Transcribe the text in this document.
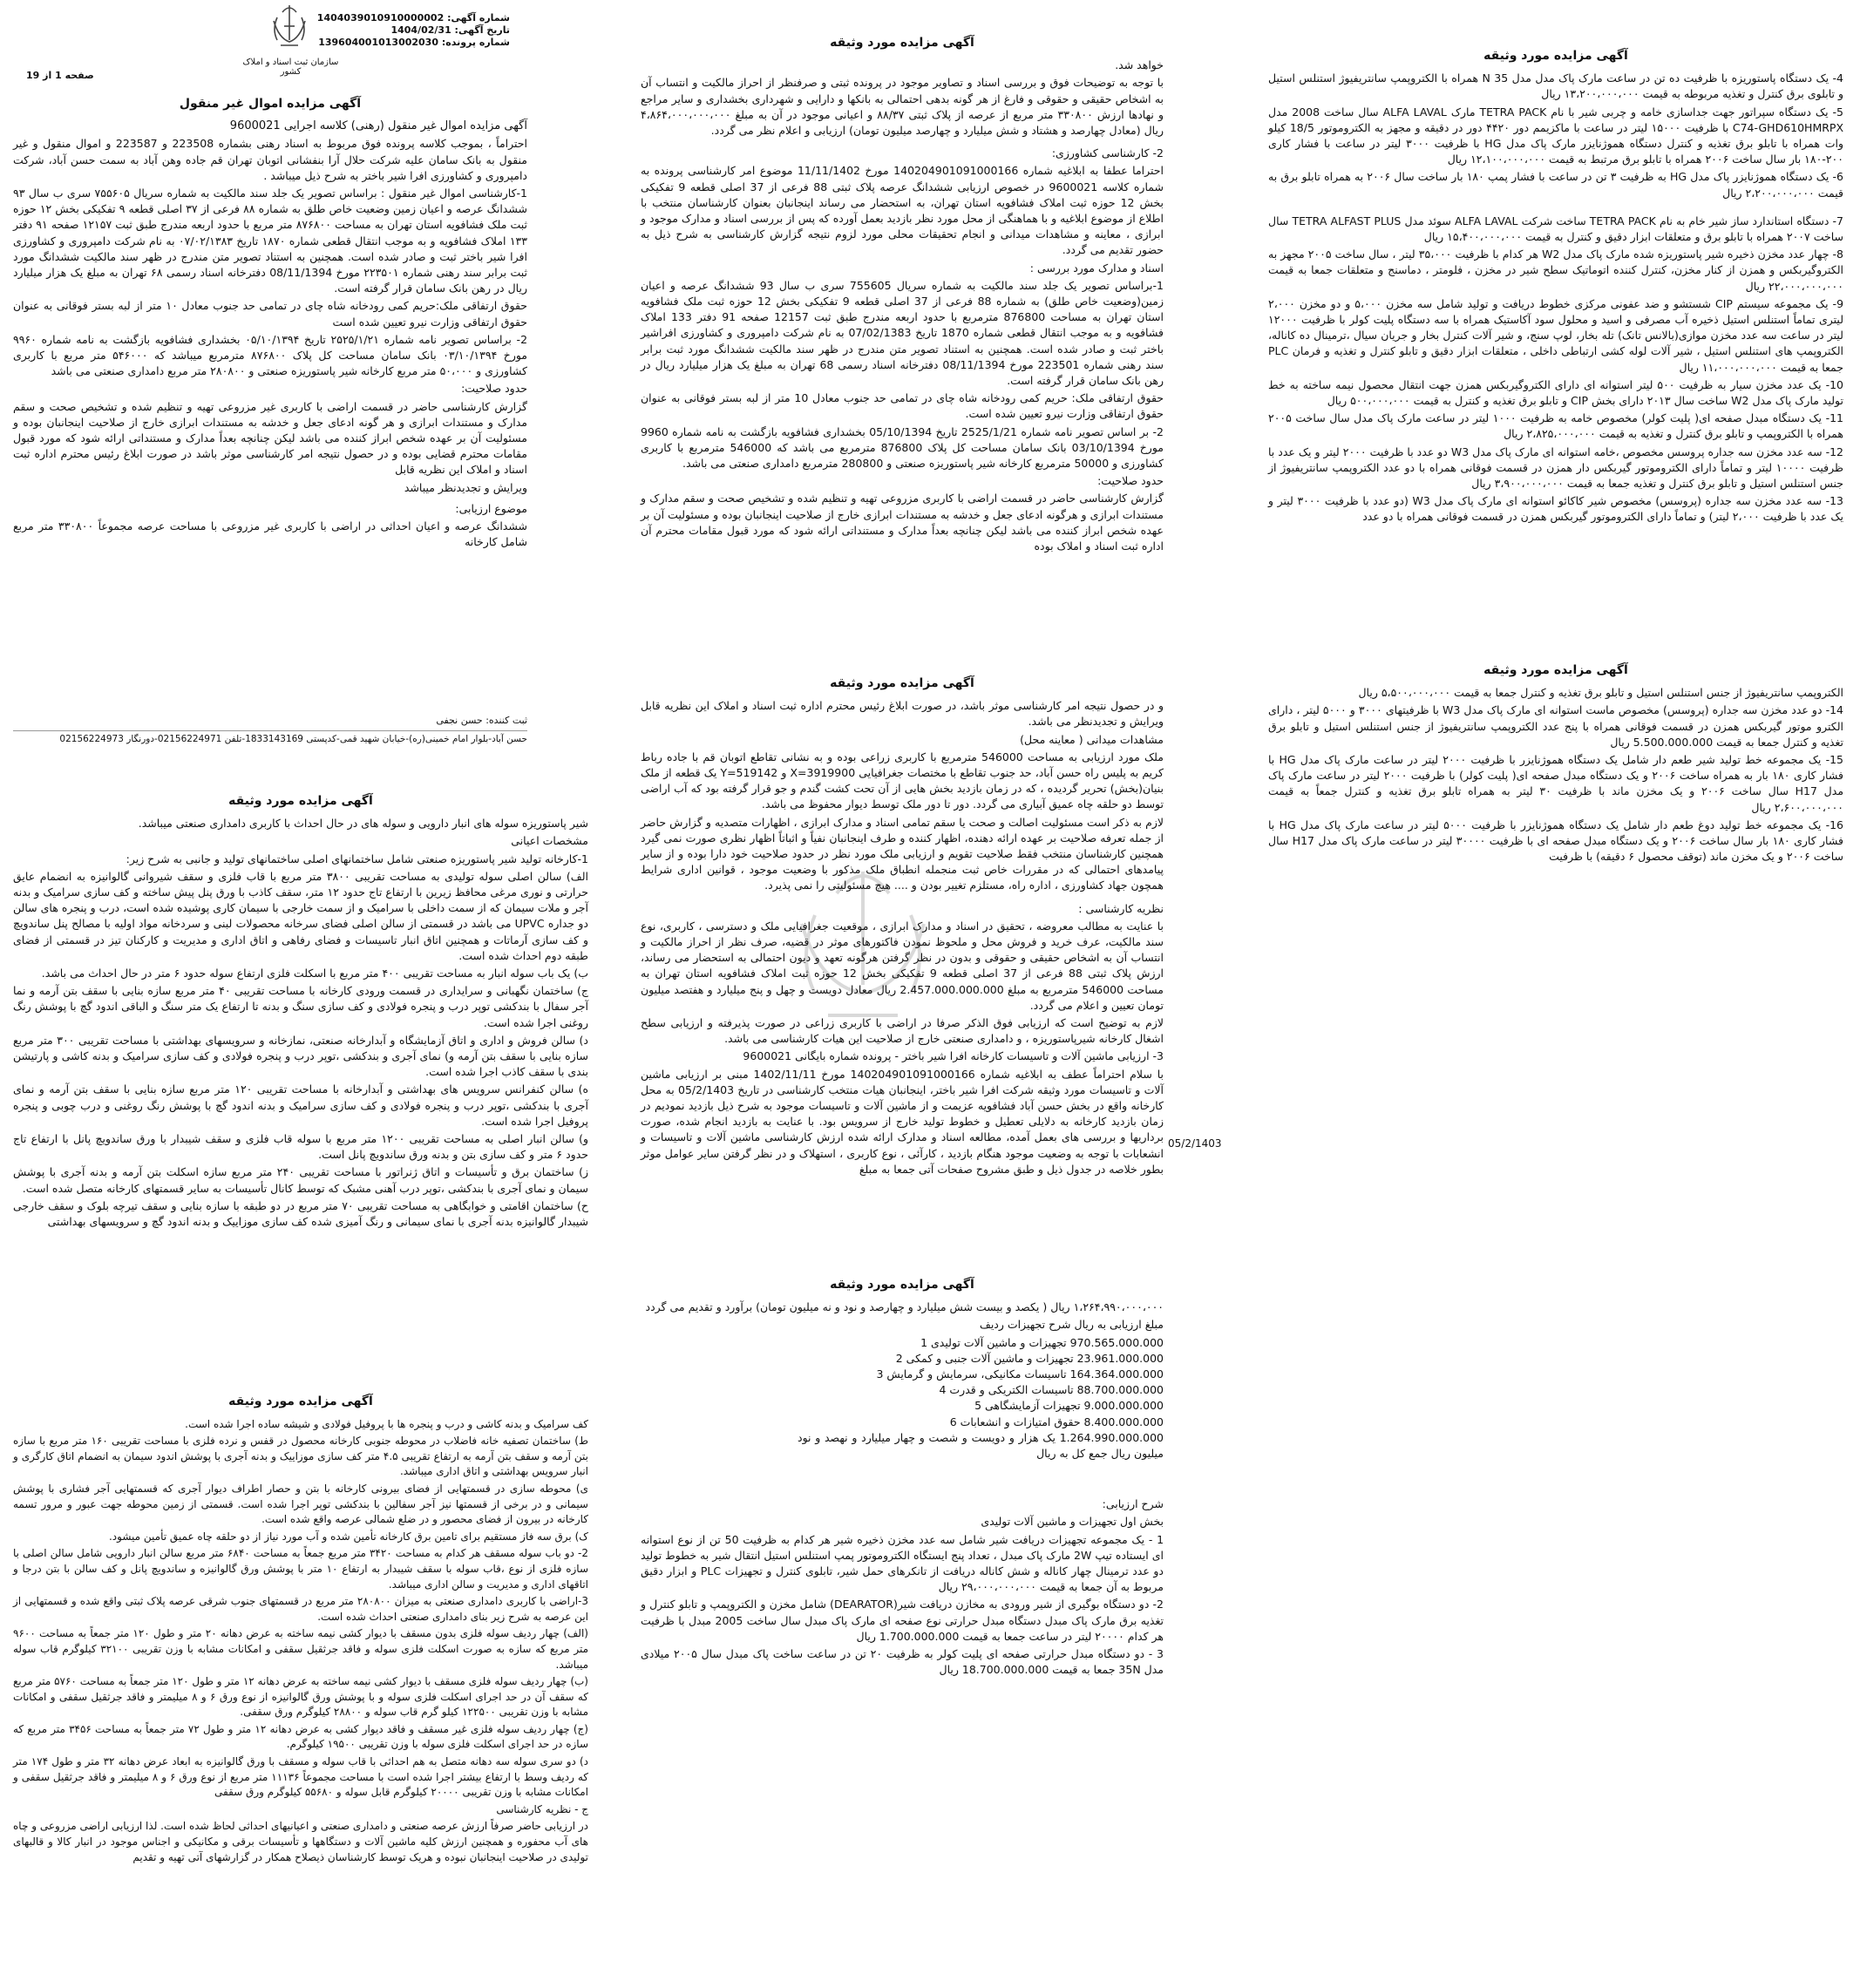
شماره آگهی: 1404039010910000002
تاریخ آگهی: 1404/02/31
شماره پرونده: 139604001013002030
سازمان ثبت اسناد و املاک کشور
صفحه 1 از 19
آگهی مزایده اموال غیر منقول

آگهی مزایده اموال غیر منقول (رهنی) کلاسه اجرایی 9600021

احتراماً ، بموجب کلاسه پرونده فوق مربوط به اسناد رهنی بشماره 223508 و 223587 و اموال منقول و غیر منقول به بانک سامان علیه شرکت حلال آرا بنفشانی اتوبان تهران قم جاده وهن آباد به سمت حسن آباد، شرکت دامپروری و کشاورزی افرا شیر باختر به شرح ذیل میباشد .

1-کارشناسی اموال غیر منقول : براساس تصویر یک جلد سند مالکیت به شماره سریال ۷۵۵۶۰۵ سری ب سال ۹۳ ششدانگ عرصه و اعیان زمین وضعیت خاص طلق به شماره ۸۸ فرعی از ۳۷ اصلی قطعه ۹ تفکیکی بخش ۱۲ حوزه ثبت ملک فشافویه استان تهران به مساحت ۸۷۶۸۰۰ متر مربع با حدود اربعه مندرج طبق ثبت ۱۲۱۵۷ صفحه ۹۱ دفتر ۱۳۳ املاک فشافویه و به موجب انتقال قطعی شماره ۱۸۷۰ تاریخ ۰۷/۰۲/۱۳۸۳ به نام شرکت دامپروری و کشاورزی افرا شیر باختر ثبت و صادر شده است. همچنین به استناد تصویر متن مندرج در ظهر سند مالکیت ششدانگ مورد ثبت برابر سند رهنی شماره ۲۲۳۵۰۱ مورخ 08/11/1394 دفترخانه اسناد رسمی ۶۸ تهران به مبلغ یک هزار میلیارد ریال در رهن بانک سامان قرار گرفته است.

حقوق ارتفاقی ملک:حریم کمی رودخانه شاه چای در تمامی حد جنوب معادل ۱۰ متر از لبه بستر فوقانی به عنوان حقوق ارتفاقی وزارت نیرو تعیین شده است

2- براساس تصویر نامه شماره ۲۵۲۵/۱/۲۱ تاریخ ۰۵/۱۰/۱۳۹۴ بخشداری فشافویه بازگشت به نامه شماره ۹۹۶۰ مورخ ۰۳/۱۰/۱۳۹۴ بانک سامان مساحت کل پلاک ۸۷۶۸۰۰ مترمربع میباشد که ۵۴۶۰۰۰ متر مربع با کاربری کشاورزی و ۵۰،۰۰۰ متر مربع کارخانه شیر پاستوریزه صنعتی و ۲۸۰۸۰۰ متر مربع دامداری صنعتی می باشد

حدود صلاحیت:

گزارش کارشناسی حاضر در قسمت اراضی با کاربری غیر مزروعی تهیه و تنظیم شده و تشخیص صحت و سقم مدارک و مستندات ابرازی و هر گونه ادعای جعل و خدشه به مستندات ابرازی خارج از صلاحیت اینجانبان بوده و مسئولیت آن بر عهده شخص ابراز کننده می باشد لیکن چنانچه بعداً مدارک و مستنداتی ارائه شود که مورد قبول مقامات محترم قضایی بوده و در حصول نتیجه امر کارشناسی موثر باشد در صورت ابلاغ رئیس محترم اداره ثبت اسناد و املاک این نظریه قابل

ویرایش و تجدیدنظر میباشد

موضوع ارزیابی:

ششدانگ عرصه و اعیان احداثی در اراضی با کاربری غیر مزروعی با مساحت عرصه مجموعاً ۳۳۰۸۰۰ متر مربع شامل کارخانه

ثبت کننده: حسن نجفی
حسن آباد-بلوار امام خمینی(ره)-خیابان شهید قمی-کدپستی 1833143169-تلفن 02156224971-دورنگار 02156224973
آگهی مزایده مورد وثیقه

خواهد شد.

با توجه به توضیحات فوق و بررسی اسناد و تصاویر موجود در پرونده ثبتی و صرفنظر از احراز مالکیت و انتساب آن به اشخاص حقیقی و حقوقی و فارغ از هر گونه بدهی احتمالی به بانکها و دارایی و شهرداری بخشداری و سایر مراجع و نهادها ارزش ۳۳۰۸۰۰ متر مربع از عرصه از پلاک ثبتی ۸۸/۳۷ و اعیانی موجود در آن به مبلغ ۴،۸۶۴،۰۰۰،۰۰۰،۰۰۰ ریال (معادل چهارصد و هشتاد و شش میلیارد و چهارصد میلیون تومان) ارزیابی و اعلام نظر می گردد.

2- کارشناسی کشاورزی:

احتراما عطفا به ابلاغیه شماره 140204901091000166 مورخ 11/11/1402 موضوع امر کارشناسی پرونده به شماره کلاسه 9600021 در خصوص ارزیابی ششدانگ عرصه پلاک ثبتی 88 فرعی از 37 اصلی قطعه 9 تفکیکی بخش 12 حوزه ثبت املاک فشافویه استان تهران، به استحضار می رساند اینجانبان بعنوان کارشناسان منتخب با اطلاع از موضوع ابلاغیه و با هماهنگی از محل مورد نظر بازدید بعمل آورده که پس از بررسی اسناد و مدارک موجود و ابرازی ، معاینه و مشاهدات میدانی و انجام تحقیقات محلی مورد لزوم نتیجه گزارش کارشناسی به شرح ذیل به حضور تقدیم می گردد.

اسناد و مدارک مورد بررسی :

1-براساس تصویر یک جلد سند مالکیت به شماره سریال 755605 سری ب سال 93 ششدانگ عرصه و اعیان زمین(وضعیت خاص طلق) به شماره 88 فرعی از 37 اصلی قطعه 9 تفکیکی بخش 12 حوزه ثبت ملک فشافویه استان تهران به مساحت 876800 مترمربع با حدود اربعه مندرج طبق ثبت 12157 صفحه 91 دفتر 133 املاک فشافویه و به موجب انتقال قطعی شماره 1870 تاریخ 07/02/1383 به نام شرکت دامپروری و کشاورزی افراشیر باختر ثبت و صادر شده است. همچنین به استناد تصویر متن مندرج در ظهر سند مالکیت ششدانگ مورد ثبت برابر سند رهنی شماره 223501 مورخ 08/11/1394 دفترخانه اسناد رسمی 68 تهران به مبلغ یک هزار میلیارد ریال در رهن بانک سامان قرار گرفته است.

حقوق ارتفاقی ملک: حریم کمی رودخانه شاه چای در تمامی حد جنوب معادل 10 متر از لبه بستر فوقانی به عنوان حقوق ارتفاقی وزارت نیرو تعیین شده است.

2- بر اساس تصویر نامه شماره 2525/1/21 تاریخ 05/10/1394 بخشداری فشافویه بازگشت به نامه شماره 9960 مورخ 03/10/1394 بانک سامان مساحت کل پلاک 876800 مترمربع می باشد که 546000 مترمربع با کاربری کشاورزی و 50000 مترمربع کارخانه شیر پاستوریزه صنعتی و 280800 مترمربع دامداری صنعتی می باشد.

حدود صلاحیت:

گزارش کارشناسی حاضر در قسمت اراضی با کاربری مزروعی تهیه و تنظیم شده و تشخیص صحت و سقم مدارک و مستندات ابرازی و هرگونه ادعای جعل و خدشه به مستندات ابرازی خارج از صلاحیت اینجانبان بوده و مسئولیت آن بر عهده شخص ابراز کننده می باشد لیکن چنانچه بعداً مدارک و مستنداتی ارائه شود که مورد قبول مقامات محترم آن اداره ثبت اسناد و املاک بوده

آگهی مزایده مورد وثیقه

4- یک دستگاه پاستوریزه با ظرفیت ده تن در ساعت مارک پاک مدل مدل 35 N همراه با الکتروپمپ سانتریفیوژ استنلس استیل و تابلوی برق کنترل و تغذیه مربوطه به قیمت ۱۳،۲۰۰،۰۰۰،۰۰۰ ریال

5- یک دستگاه سپراتور جهت جداسازی خامه و چربی شیر با نام TETRA PACK مارک ALFA LAVAL سال ساخت 2008 مدل C74-GHD610HMRPX با ظرفیت ۱۵۰۰۰ لیتر در ساعت با ماکزیمم دور ۴۴۲۰ دور در دقیقه و مجهز به الکتروموتور 18/5 کیلو وات همراه با تابلو برق تغذیه و کنترل دستگاه هموژنایزر مارک پاک مدل HG با ظرفیت ۳۰۰۰ لیتر در ساعت با فشار کاری ۲۰۰-۱۸۰ بار سال ساخت ۲۰۰۶ همراه با تابلو برق مرتبط به قیمت ۱۲،۱۰۰،۰۰۰،۰۰۰ ریال

6- یک دستگاه هموژنایزر پاک مدل HG به ظرفیت ۳ تن در ساعت با فشار پمپ ۱۸۰ بار ساخت سال ۲۰۰۶ به همراه تابلو برق به قیمت ۲،۲۰۰،۰۰۰،۰۰۰ ریال

7- دستگاه استاندارد ساز شیر خام به نام TETRA PACK ساخت شرکت ALFA LAVAL سوئد مدل TETRA ALFAST PLUS سال ساخت ۲۰۰۷ همراه با تابلو برق و متعلقات ابزار دقیق و کنترل به قیمت ۱۵،۴۰۰،۰۰۰،۰۰۰ ریال

8- چهار عدد مخزن ذخیره شیر پاستوریزه شده مارک پاک مدل W2 هر کدام با ظرفیت ۳۵،۰۰۰ لیتر ، سال ساخت ۲۰۰۵ مجهز به الکتروگیربکس و همزن از کنار مخزن، کنترل کننده اتوماتیک سطح شیر در مخزن ، فلومتر ، دماسنج و متعلقات جمعا به قیمت ۲۲،۰۰۰،۰۰۰،۰۰۰ ریال

9- یک مجموعه سیستم CIP شستشو و ضد عفونی مرکزی خطوط دریافت و تولید شامل سه مخزن ۵،۰۰۰ و دو مخزن ۲،۰۰۰ لیتری تماماً استنلس استیل ذخیره آب مصرفی و اسید و محلول سود آکاستیک همراه با سه دستگاه پلیت کولر با ظرفیت ۱۲۰۰۰ لیتر در ساعت سه عدد مخزن موازی(بالانس تانک) تله بخار، لوپ سنج، و شیر آلات کنترل بخار و جریان سیال ،ترمینال ده کاناله، الکتروپمپ های استنلس استیل ، شیر آلات لوله کشی ارتباطی داخلی ، متعلقات ابزار دقیق و تابلو کنترل و تغذیه و فرمان PLC جمعا به قیمت ۱۱،۰۰۰،۰۰۰،۰۰۰ ریال

10- یک عدد مخزن سیار به ظرفیت ۵۰۰ لیتر استوانه ای دارای الکتروگیربکس همزن جهت انتقال محصول نیمه ساخته به خط تولید مارک پاک مدل W2 ساخت سال ۲۰۱۳ دارای بخش CIP و تابلو برق تغذیه و کنترل به قیمت ۵۰۰،۰۰۰،۰۰۰ ریال

11- یک دستگاه مبدل صفحه ای( پلیت کولر) مخصوص خامه به ظرفیت ۱۰۰۰ لیتر در ساعت مارک پاک مدل سال ساخت ۲۰۰۵ همراه با الکتروپمپ و تابلو برق کنترل و تغذیه به قیمت ۲،۸۲۵،۰۰۰،۰۰۰ ریال

12- سه عدد مخزن سه جداره پروسس مخصوص ،خامه استوانه ای مارک پاک مدل W3 دو عدد با ظرفیت ۲۰۰۰ لیتر و یک عدد با ظرفیت ۱۰۰۰۰ لیتر و تماماً دارای الکتروموتور گیربکس دار همزن در قسمت فوقانی همراه با دو عدد الکتروپمپ سانتریفیوژ از جنس استنلس استیل و تابلو برق کنترل و تغذیه جمعا به قیمت ۳،۹۰۰،۰۰۰،۰۰۰ ریال

13- سه عدد مخزن سه جداره (پروسس) مخصوص شیر کاکائو استوانه ای مارک پاک مدل W3 (دو عدد با ظرفیت ۳۰۰۰ لیتر و یک عدد با ظرفیت ۲،۰۰۰ لیتر) و تماماً دارای الکتروموتور گیربکس همزن در قسمت فوقانی همراه با دو عدد

آگهی مزایده مورد وثیقه

الکتروپمپ سانتریفیوژ از جنس استنلس استیل و تابلو برق تغذیه و کنترل جمعا به قیمت ۵،۵۰۰،۰۰۰،۰۰۰ ریال

14- دو عدد مخزن سه جداره (پروسس) مخصوص ماست استوانه ای مارک پاک مدل W3 با ظرفیتهای ۳۰۰۰ و ۵۰۰۰ لیتر ، دارای الکترو موتور گیربکس همزن در قسمت فوقانی همراه با پنج عدد الکتروپمپ سانتریفیوژ از جنس استنلس استیل و تابلو برق تغذیه و کنترل جمعا به قیمت 5.500.000.000 ریال

15- یک مجموعه خط تولید شیر طعم دار شامل یک دستگاه هموژنایزر با ظرفیت ۲۰۰۰ لیتر در ساعت مارک پاک مدل HG با فشار کاری ۱۸۰ بار به همراه ساخت ۲۰۰۶ و یک دستگاه مبدل صفحه ای( پلیت کولر) با ظرفیت ۲۰۰۰ لیتر در ساعت مارک پاک مدل H17 سال ساخت ۲۰۰۶ و یک مخزن ماند با ظرفیت ۳۰ لیتر به همراه تابلو برق تغذیه و کنترل جمعاً به قیمت ۲،۶۰۰،۰۰۰،۰۰۰ ریال

16- یک مجموعه خط تولید دوغ طعم دار شامل یک دستگاه هموژنایزر با ظرفیت ۵۰۰۰ لیتر در ساعت مارک پاک مدل HG با فشار کاری ۱۸۰ بار سال ساخت ۲۰۰۶ و یک دستگاه مبدل صفحه ای با ظرفیت ۳۰۰۰۰ لیتر در ساعت مارک پاک مدل H17 سال ساخت ۲۰۰۶ و یک مخزن ماند (توقف محصول ۶ دقیقه) با ظرفیت

آگهی مزایده مورد وثیقه

و در حصول نتیجه امر کارشناسی موثر باشد، در صورت ابلاغ رئیس محترم اداره ثبت اسناد و املاک این نظریه قابل ویرایش و تجدیدنظر می باشد.

مشاهدات میدانی ( معاینه محل)

ملک مورد ارزیابی به مساحت 546000 مترمربع با کاربری زراعی بوده و به نشانی تقاطع اتوبان قم با جاده رباط کریم به پلیس راه حسن آباد، حد جنوب تقاطع با مختصات جغرافیایی X=3919900 و Y=519142 یک قطعه از ملک بنیان(بخش) تحریر گردیده ، که در زمان بازدید بخش هایی از آن تحت کشت گندم و جو قرار گرفته بود که آب اراضی توسط دو حلقه چاه عمیق آبیاری می گردد. دور تا دور ملک توسط دیوار محفوظ می باشد.

لازم به ذکر است مسئولیت اصالت و صحت یا سقم تمامی اسناد و مدارک ابرازی ، اظهارات متصدیه و گزارش حاضر از جمله تعرفه صلاحیت بر عهده ارائه دهنده، اظهار کننده و طرف اینجانبان نفیاً و اثباتاً اظهار نظری صورت نمی گیرد همچنین کارشناسان منتخب فقط صلاحیت تقویم و ارزیابی ملک مورد نظر در حدود صلاحیت خود دارا بوده و از سایر پیامدهای احتمالی که در مقررات خاص ثبت منجمله انطباق ملک مذکور با وضعیت موجود ، قوانین اداری شرایط همچون جهاد کشاورزی ، اداره راه، مستلزم تغییر بودن و .... هیچ مسئولیتی را نمی پذیرد.

نظریه کارشناسی :

با عنایت به مطالب معروضه ، تحقیق در اسناد و مدارک ابرازی ، موقعیت جغرافیایی ملک و دسترسی ، کاربری، نوع سند مالکیت، عرف خرید و فروش محل و ملحوظ نمودن فاکتورهای موثر در قضیه، صرف نظر از احراز مالکیت و انتساب آن به اشخاص حقیقی و حقوقی و بدون در نظر گرفتن هرگونه تعهد و دیون احتمالی به استحضار می رساند، ارزش پلاک ثبتی 88 فرعی از 37 اصلی قطعه 9 تفکیکی بخش 12 حوزه ثبت املاک فشافویه استان تهران به مساحت 546000 مترمربع به مبلغ 2.457.000.000.000 ریال معادل دویست و چهل و پنج میلیارد و هفتصد میلیون تومان تعیین و اعلام می گردد.

لازم به توضیح است که ارزیابی فوق الذکر صرفا در اراضی با کاربری زراعی در صورت پذیرفته و ارزیابی سطح اشغال کارخانه شیرپاستوریزه ، و دامداری صنعتی خارج از صلاحیت این هیات کارشناسی می باشد.

3- ارزیابی ماشین آلات و تاسیسات کارخانه افرا شیر باختر - پرونده شماره بایگانی 9600021

با سلام احتراماً عطف به ابلاغیه شماره 140204901091000166 مورخ 1402/11/11 مبنی بر ارزیابی ماشین آلات و تاسیسات مورد وثیقه شرکت افرا شیر باختر، اینجانبان هیات منتخب کارشناسی در تاریخ 05/2/1403 به محل کارخانه واقع در بخش حسن آباد فشافویه عزیمت و از ماشین آلات و تاسیسات موجود به شرح ذیل بازدید نمودیم در زمان بازدید کارخانه به دلایلی تعطیل و خطوط تولید خارج از سرویس بود. با عنایت به بازدید انجام شده، صورت برداریها و بررسی های بعمل آمده، مطالعه اسناد و مدارک ارائه شده ارزش کارشناسی ماشین آلات و تاسیسات و انشعابات با توجه به وضعیت موجود هنگام بازدید ، کارآئی ، نوع کاربری ، استهلاک و در نظر گرفتن سایر عوامل موثر بطور خلاصه در جدول ذیل و طبق مشروح صفحات آتی جمعا به مبلغ

05/2/1403
آگهی مزایده مورد وثیقه

۱،۲۶۴،۹۹۰،۰۰۰،۰۰۰ ریال ( یکصد و بیست شش میلیارد و چهارصد و نود و نه میلیون تومان) برآورد و تقدیم می گردد

مبلغ ارزیابی به ریال شرح تجهیزات ردیف

970.565.000.000 تجهیزات و ماشین آلات تولیدی 1
23.961.000.000 تجهیزات و ماشین آلات جنبی و کمکی 2
164.364.000.000 تاسیسات مکانیکی، سرمایش و گرمایش 3
88.700.000.000 تاسیسات الکتریکی و قدرت 4
9.000.000.000 تجهیزات آزمایشگاهی 5
8.400.000.000 حقوق امتیازات و انشعابات 6
1.264.990.000.000 یک هزار و دویست و شصت و چهار میلیارد و نهصد و نود میلیون ریال جمع کل به ریال

شرح ارزیابی:

بخش اول تجهیزات و ماشین آلات تولیدی

1 - یک مجموعه تجهیزات دریافت شیر شامل سه عدد مخزن ذخیره شیر هر کدام به ظرفیت 50 تن از نوع استوانه ای ایستاده تیپ 2W مارک پاک مبدل ، تعداد پنج ایستگاه الکتروموتور پمپ استنلس استیل انتقال شیر به خطوط تولید دو عدد ترمینال چهار کاناله و شش کاناله دریافت از تانکرهای حمل شیر، تابلوی کنترل و تجهیزات PLC و ابزار دقیق مربوط به آن جمعا به قیمت ۲۹،۰۰۰،۰۰۰،۰۰۰ ریال

2- دو دستگاه بوگیری از شیر ورودی به مخازن دریافت شیر(DEARATOR) شامل مخزن و الکتروپمپ و تابلو کنترل و تغذیه برق مارک پاک مبدل دستگاه مبدل حرارتی نوع صفحه ای مارک پاک مبدل سال ساخت 2005 مبدل با ظرفیت هر کدام ۲۰۰۰۰ لیتر در ساعت جمعا به قیمت 1.700.000.000 ریال

3 - دو دستگاه مبدل حرارتی صفحه ای پلیت کولر به ظرفیت ۲۰ تن در ساعت ساخت پاک مبدل سال ۲۰۰۵ میلادی مدل 35N جمعا به قیمت 18.700.000.000 ریال

آگهی مزایده مورد وثیقه

شیر پاستوریزه سوله های انبار دارویی و سوله های در حال احداث با کاربری دامداری صنعتی میباشد.

مشخصات اعیانی

1-کارخانه تولید شیر پاستوریزه صنعتی شامل ساختمانهای اصلی ساختمانهای تولید و جانبی به شرح زیر:

الف) سالن اصلی سوله تولیدی به مساحت تقریبی ۳۸۰۰ متر مربع با قاب فلزی و سقف شیروانی گالوانیزه به انضمام عایق حرارتی و نوری مرغی محافظ زیرین با ارتفاع تاج حدود ۱۲ متر، سقف کاذب با ورق پنل پیش ساخته و کف سازی سرامیک و بدنه آجر و ملات سیمان که از سمت داخلی با سرامیک و از سمت خارجی با سیمان کاری پوشیده شده است، درب و پنجره های سالن دو جداره UPVC می باشد در قسمتی از سالن اصلی فضای سرخانه محصولات لبنی و سردخانه مواد اولیه با مصالح پنل ساندویچ و کف سازی آرماتات و همچنین اتاق انبار تاسیسات و فضای رفاهی و اتاق اداری و مدیریت و کارکنان تیز در قسمتی از فضای طبقه دوم احداث شده است.

ب) یک باب سوله انبار به مساحت تقریبی ۴۰۰ متر مربع با اسکلت فلزی ارتفاع سوله حدود ۶ متر در حال احداث می باشد.

ج) ساختمان نگهبانی و سرایداری در قسمت ورودی کارخانه با مساحت تقریبی ۴۰ متر مربع سازه بنایی با سقف بتن آرمه و نما آجر سفال با بندکشی توپر درب و پنجره فولادی و کف سازی سنگ و بدنه تا ارتفاع یک متر سنگ و الباقی اندود گچ با پوشش رنگ روغنی اجرا شده است.

د) سالن فروش و اداری و اتاق آزمایشگاه و آبدارخانه صنعتی، نمازخانه و سرویسهای بهداشتی با مساحت تقریبی ۳۰۰ متر مربع سازه بنایی با سقف بتن آرمه و) نمای آجری و بندکشی ،توپر درب و پنجره فولادی و کف سازی سرامیک و بدنه کاشی و پارتیشن بندی با سقف کاذب اجرا شده است.

ه) سالن کنفرانس سرویس های بهداشتی و آبدارخانه با مساحت تقریبی ۱۲۰ متر مربع سازه بنایی با سقف بتن آرمه و نمای آجری با بندکشی ،توپر درب و پنجره فولادی و کف سازی سرامیک و بدنه اندود گچ با پوشش رنگ روغنی و درب چوبی و پنجره پروفیل اجرا شده است.

و) سالن انبار اصلی به مساحت تقریبی ۱۲۰۰ متر مربع با سوله قاب فلزی و سقف شیبدار با ورق ساندویچ پانل با ارتفاع تاج حدود ۶ متر و کف سازی بتن و بدنه ورق ساندویچ پانل است.

ز) ساختمان برق و تأسیسات و اتاق ژنراتور با مساحت تقریبی ۲۴۰ متر مربع سازه اسکلت بتن آرمه و بدنه آجری با پوشش سیمان و نمای آجری با بندکشی ،توپر درب آهنی مشبک که توسط کانال تأسیسات به سایر قسمتهای کارخانه متصل شده است.

ح) ساختمان اقامتی و خوابگاهی به مساحت تقریبی ۷۰ متر مربع در دو طبقه با سازه بنایی و سقف تیرچه بلوک و سقف خارجی شیبدار گالوانیزه بدنه آجری با نمای سیمانی و رنگ آمیزی شده کف سازی موزاییک و بدنه اندود گچ و سرویسهای بهداشتی

آگهی مزایده مورد وثیقه

کف سرامیک و بدنه کاشی و درب و پنجره ها با پروفیل فولادی و شیشه ساده اجرا شده است.

ط) ساختمان تصفیه خانه فاضلاب در محوطه جنوبی کارخانه محصول در قفس و نرده فلزی با مساحت تقریبی ۱۶۰ متر مربع با سازه بتن آرمه و سقف بتن آرمه به ارتفاع تقریبی ۴.۵ متر کف سازی موزاییک و بدنه آجری با پوشش اندود سیمان به انضمام اتاق کارگری و انبار سرویس بهداشتی و اتاق اداری میباشد.

ی) محوطه سازی در قسمتهایی از فضای بیرونی کارخانه با بتن و حصار اطراف دیوار آجری که قسمتهایی آجر فشاری با پوشش سیمانی و در برخی از قسمتها نیز آجر سفالین با بندکشی توپر اجرا شده است. قسمتی از زمین محوطه جهت عبور و مرور تسمه کارخانه در بیرون از فضای محصور و در ضلع شمالی عرصه واقع شده است.

ک) برق سه فاز مستقیم برای تامین برق کارخانه تأمین شده و آب مورد نیاز از دو حلقه چاه عمیق تأمین میشود.

2- دو باب سوله مسقف هر کدام به مساحت ۳۴۲۰ متر مربع جمعاً به مساحت ۶۸۴۰ متر مربع سالن انبار دارویی شامل سالن اصلی با سازه فلزی از نوع ،قاب سوله با سقف شیبدار به ارتفاع ۱۰ متر با پوشش ورق گالوانیزه و ساندویچ پانل و کف سالن با بتن درجا و اتاقهای اداری و مدیریت و سالن اداری میباشد.

3-اراضی با کاربری دامداری صنعتی به میزان ۲۸۰۸۰۰ متر مربع در قسمتهای جنوب شرقی عرصه پلاک ثبتی واقع شده و قسمتهایی از این عرصه به شرح زیر بنای دامداری صنعتی احداث شده است.

(الف) چهار ردیف سوله فلزی بدون مسقف با دیوار کشی نیمه ساخته به عرض دهانه ۲۰ متر و طول ۱۲۰ متر جمعاً به مساحت ۹۶۰۰ متر مربع که سازه به صورت اسکلت فلزی سوله و فاقد جرثقیل سقفی و امکانات مشابه با وزن تقریبی ۳۲۱۰۰ کیلوگرم قاب سوله میباشد.

(ب) چهار ردیف سوله فلزی مسقف با دیوار کشی نیمه ساخته به عرض دهانه ۱۲ متر و طول ۱۲۰ متر جمعاً به مساحت ۵۷۶۰ متر مربع که سقف آن در حد اجرای اسکلت فلزی سوله و با پوشش ورق گالوانیزه از نوع ورق ۶ و ۸ میلیمتر و فاقد جرثقیل سقفی و امکانات مشابه با وزن تقریبی ۱۲۲۵۰۰ کیلو گرم قاب سوله و ۲۸۸۰۰ کیلوگرم ورق سقفی.

(ج) چهار ردیف سوله فلزی غیر مسقف و فاقد دیوار کشی به عرض دهانه ۱۲ متر و طول ۷۲ متر جمعاً به مساحت ۳۴۵۶ متر مربع که سازه در حد اجرای اسکلت فلزی سوله با وزن تقریبی ۱۹۵۰۰ کیلوگرم.

د) دو سری سوله سه دهانه متصل به هم احداثی با قاب سوله و مسقف با ورق گالوانیزه به ابعاد عرض دهانه ۳۲ متر و طول ۱۷۴ متر که ردیف وسط با ارتفاع بیشتر اجرا شده است با مساحت مجموعاً ۱۱۱۳۶ متر مربع از نوع ورق ۶ و ۸ میلیمتر و فاقد جرثقیل سقفی و امکانات مشابه با وزن تقریبی ۲۰۰۰۰ کیلوگرم قابل سوله و ۵۵۶۸۰ کیلوگرم ورق سقفی

ج - نظریه کارشناسی

در ارزیابی حاضر صرفاً ارزش عرصه صنعتی و دامداری صنعتی و اعیانیهای احداثی لحاظ شده است. لذا ارزیابی اراضی مزروعی و چاه های آب محفوره و همچنین ارزش کلیه ماشین آلات و دستگاهها و تأسیسات برقی و مکانیکی و اجناس موجود در انبار کالا و قالبهای تولیدی در صلاحیت اینجانبان نبوده و هریک توسط کارشناسان ذیصلاح همکار در گزارشهای آتی تهیه و تقدیم
